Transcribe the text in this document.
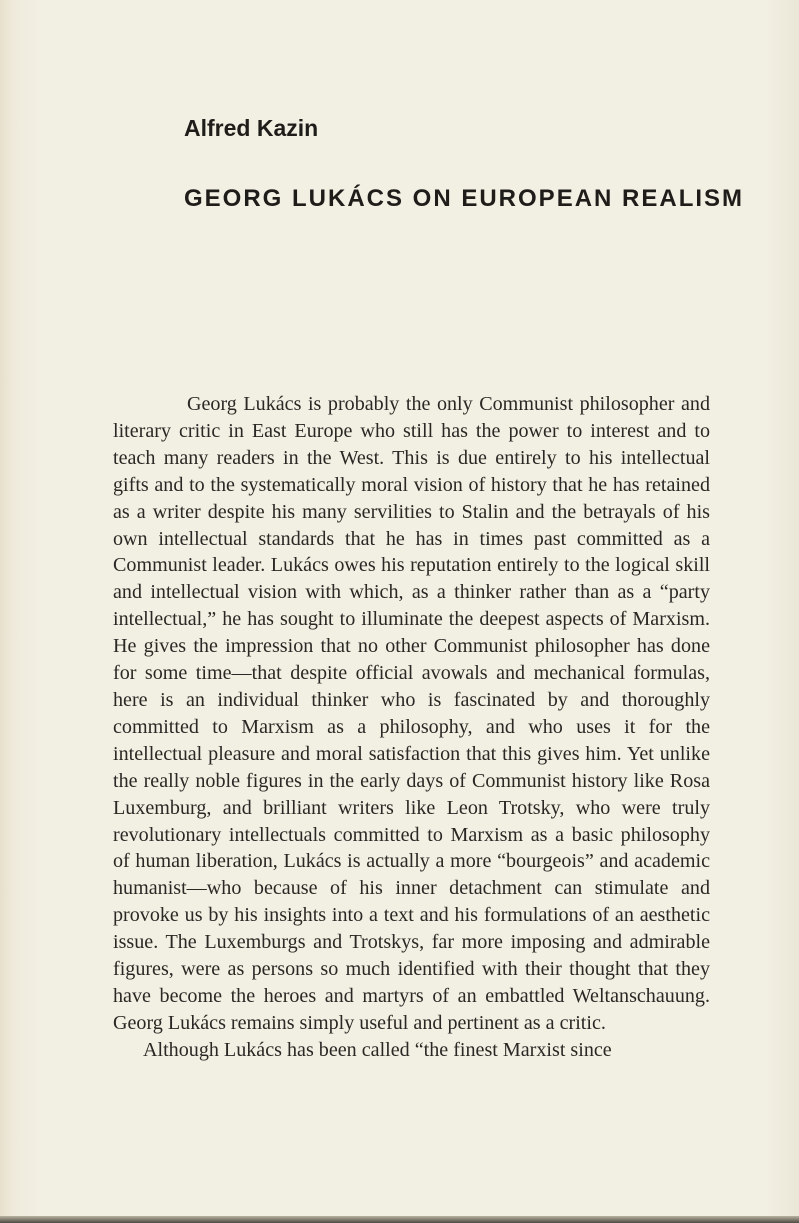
Alfred Kazin
GEORG LUKÁCS ON EUROPEAN REALISM

Georg Lukács is probably the only Communist philosopher and literary critic in East Europe who still has the power to interest and to teach many readers in the West. This is due entirely to his intellectual gifts and to the systematically moral vision of history that he has retained as a writer despite his many servilities to Stalin and the betrayals of his own intellectual standards that he has in times past committed as a Communist leader. Lukács owes his reputation entirely to the logical skill and intellectual vision with which, as a thinker rather than as a “party intellectual,” he has sought to illuminate the deepest aspects of Marxism. He gives the impression that no other Communist philosopher has done for some time—that despite official avowals and mechanical formulas, here is an individual thinker who is fascinated by and thoroughly committed to Marxism as a philosophy, and who uses it for the intellectual pleasure and moral satisfaction that this gives him. Yet unlike the really noble figures in the early days of Communist history like Rosa Luxemburg, and brilliant writers like Leon Trotsky, who were truly revolutionary intellectuals committed to Marxism as a basic philosophy of human liberation, Lukács is actually a more “bourgeois” and academic humanist—who because of his inner detachment can stimulate and provoke us by his insights into a text and his formulations of an aesthetic issue. The Luxemburgs and Trotskys, far more imposing and admirable figures, were as persons so much identified with their thought that they have become the heroes and martyrs of an embattled Weltanschauung. Georg Lukács remains simply useful and pertinent as a critic.

Although Lukács has been called “the finest Marxist since
